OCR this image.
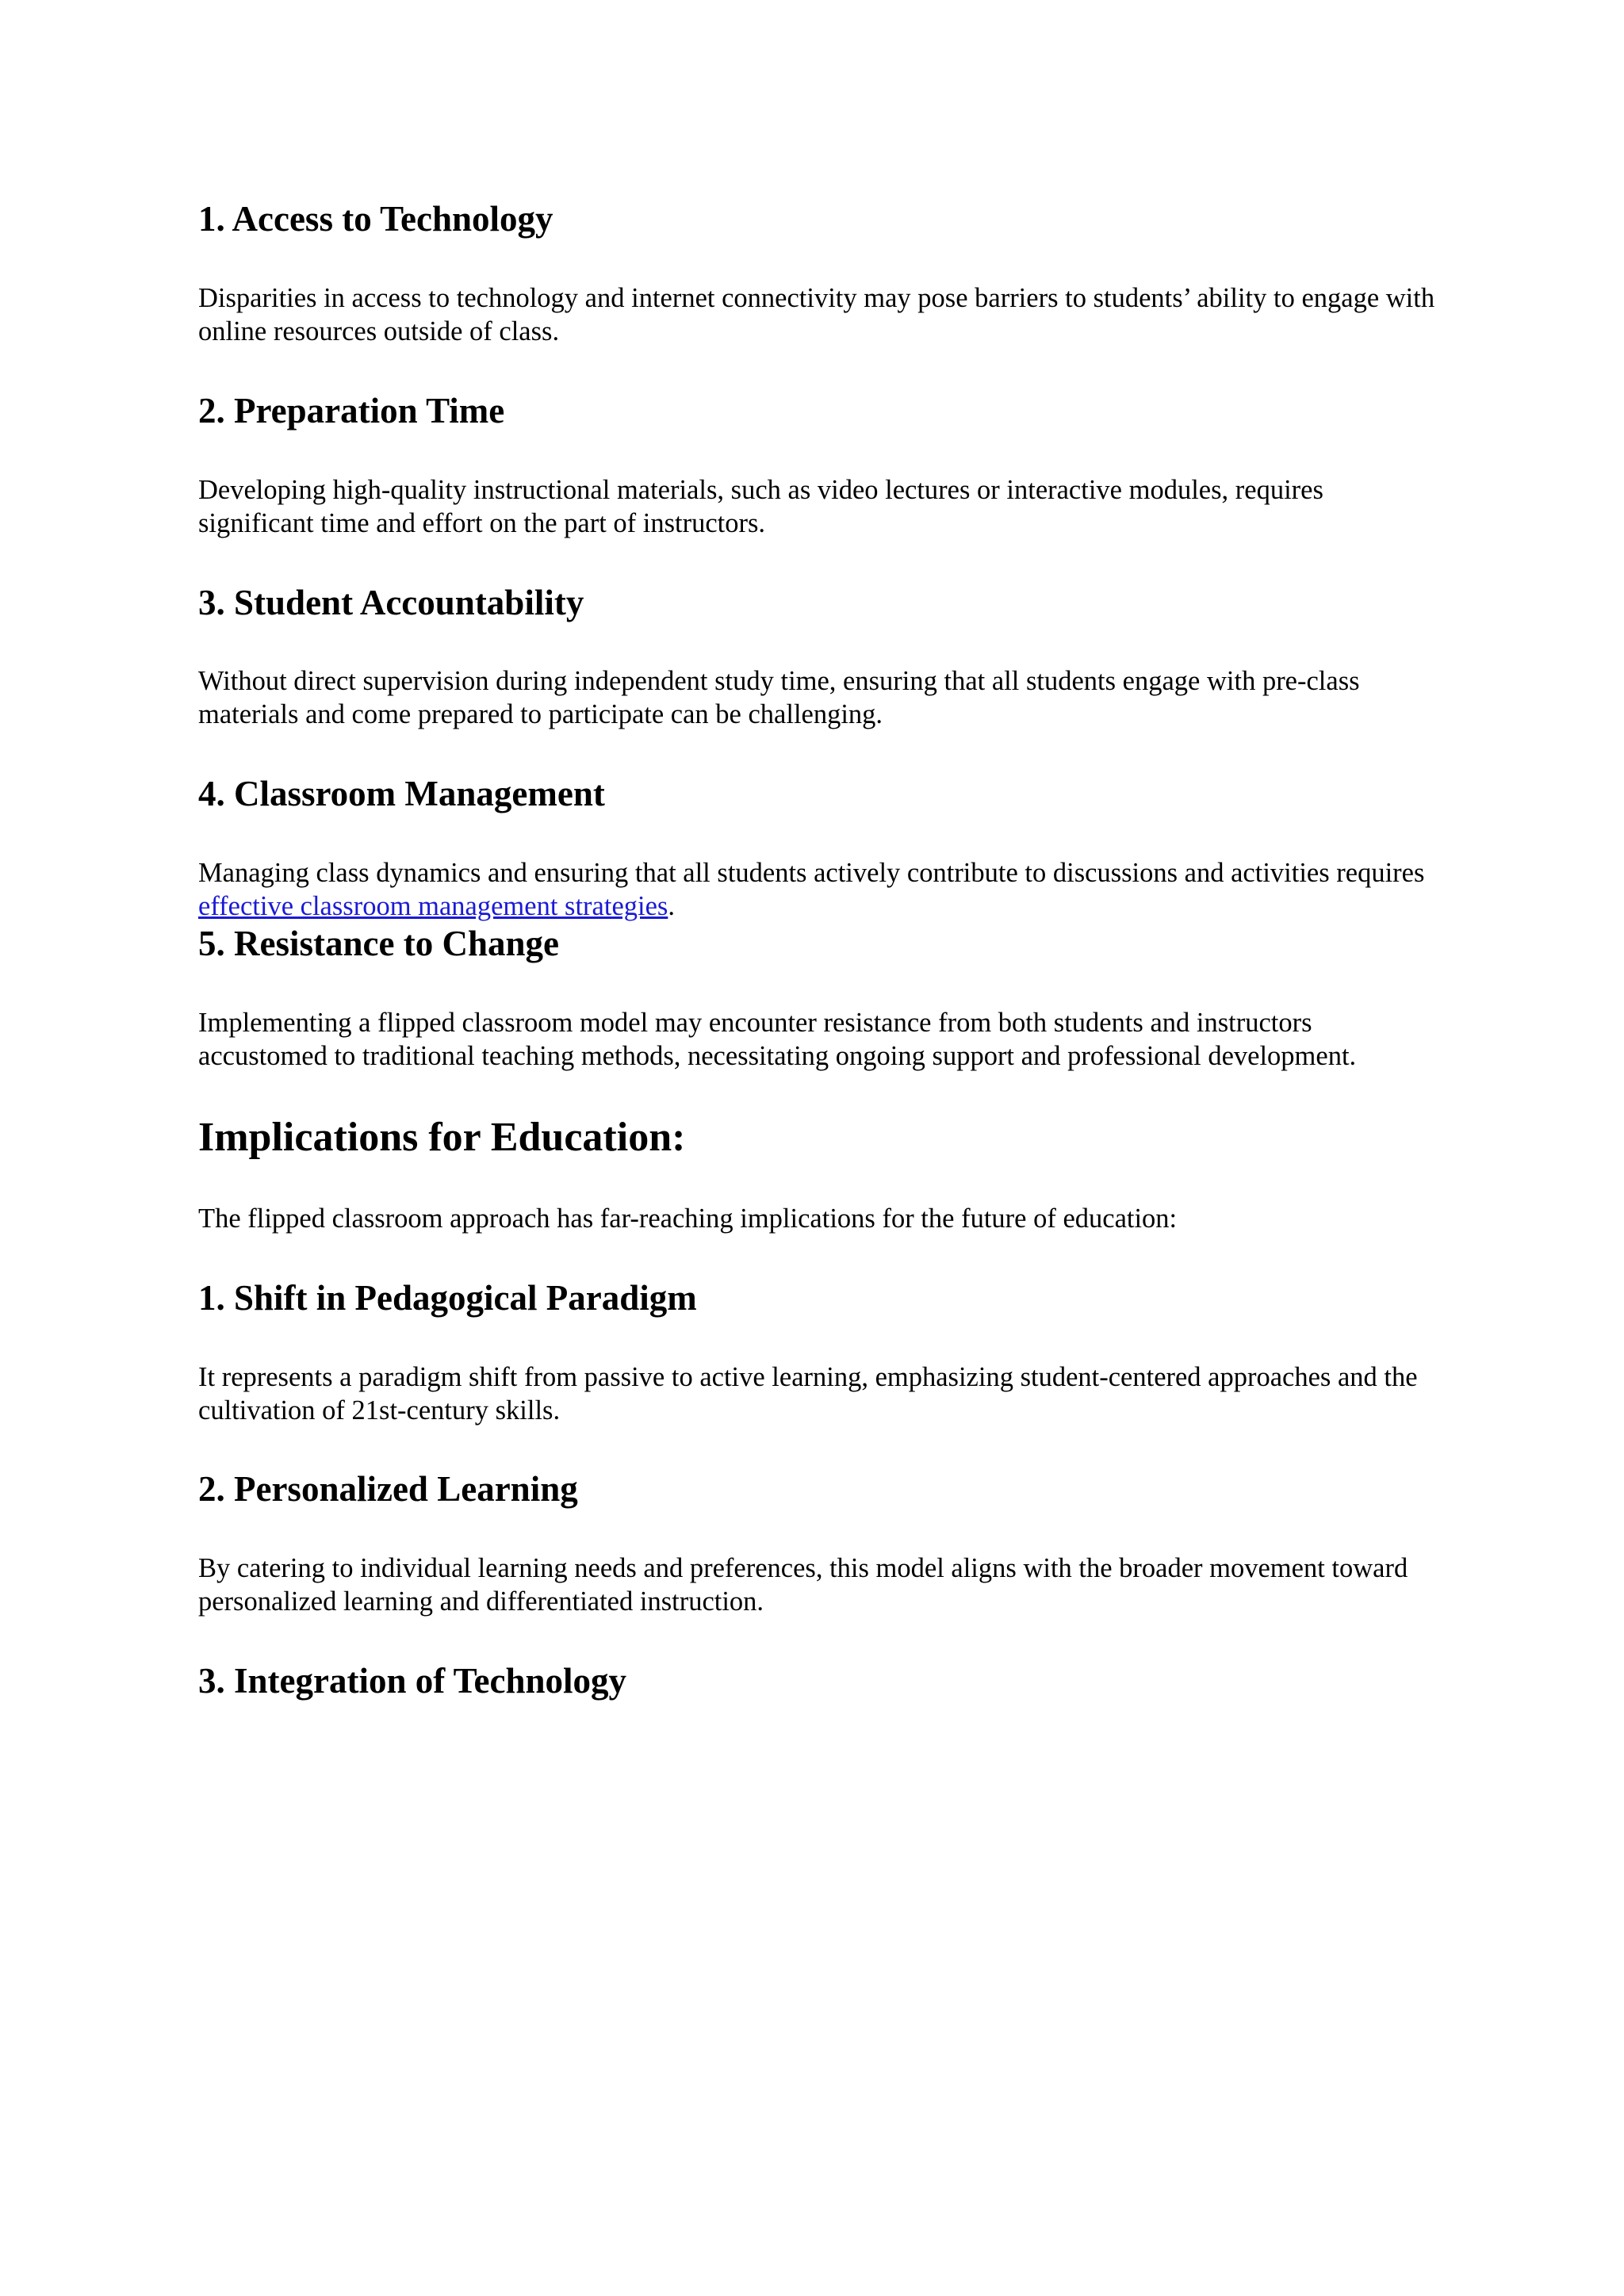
1. Access to Technology

Disparities in access to technology and internet connectivity may pose barriers to students’ ability to engage with online resources outside of class.

2. Preparation Time

Developing high-quality instructional materials, such as video lectures or interactive modules, requires significant time and effort on the part of instructors.

3. Student Accountability

Without direct supervision during independent study time, ensuring that all students engage with pre-class materials and come prepared to participate can be challenging.

4. Classroom Management

Managing class dynamics and ensuring that all students actively contribute to discussions and activities requires effective classroom management strategies.

5. Resistance to Change

Implementing a flipped classroom model may encounter resistance from both students and instructors accustomed to traditional teaching methods, necessitating ongoing support and professional development.

Implications for Education:

The flipped classroom approach has far-reaching implications for the future of education:

1. Shift in Pedagogical Paradigm

It represents a paradigm shift from passive to active learning, emphasizing student-centered approaches and the cultivation of 21st-century skills.

2. Personalized Learning

By catering to individual learning needs and preferences, this model aligns with the broader movement toward personalized learning and differentiated instruction.

3. Integration of Technology
